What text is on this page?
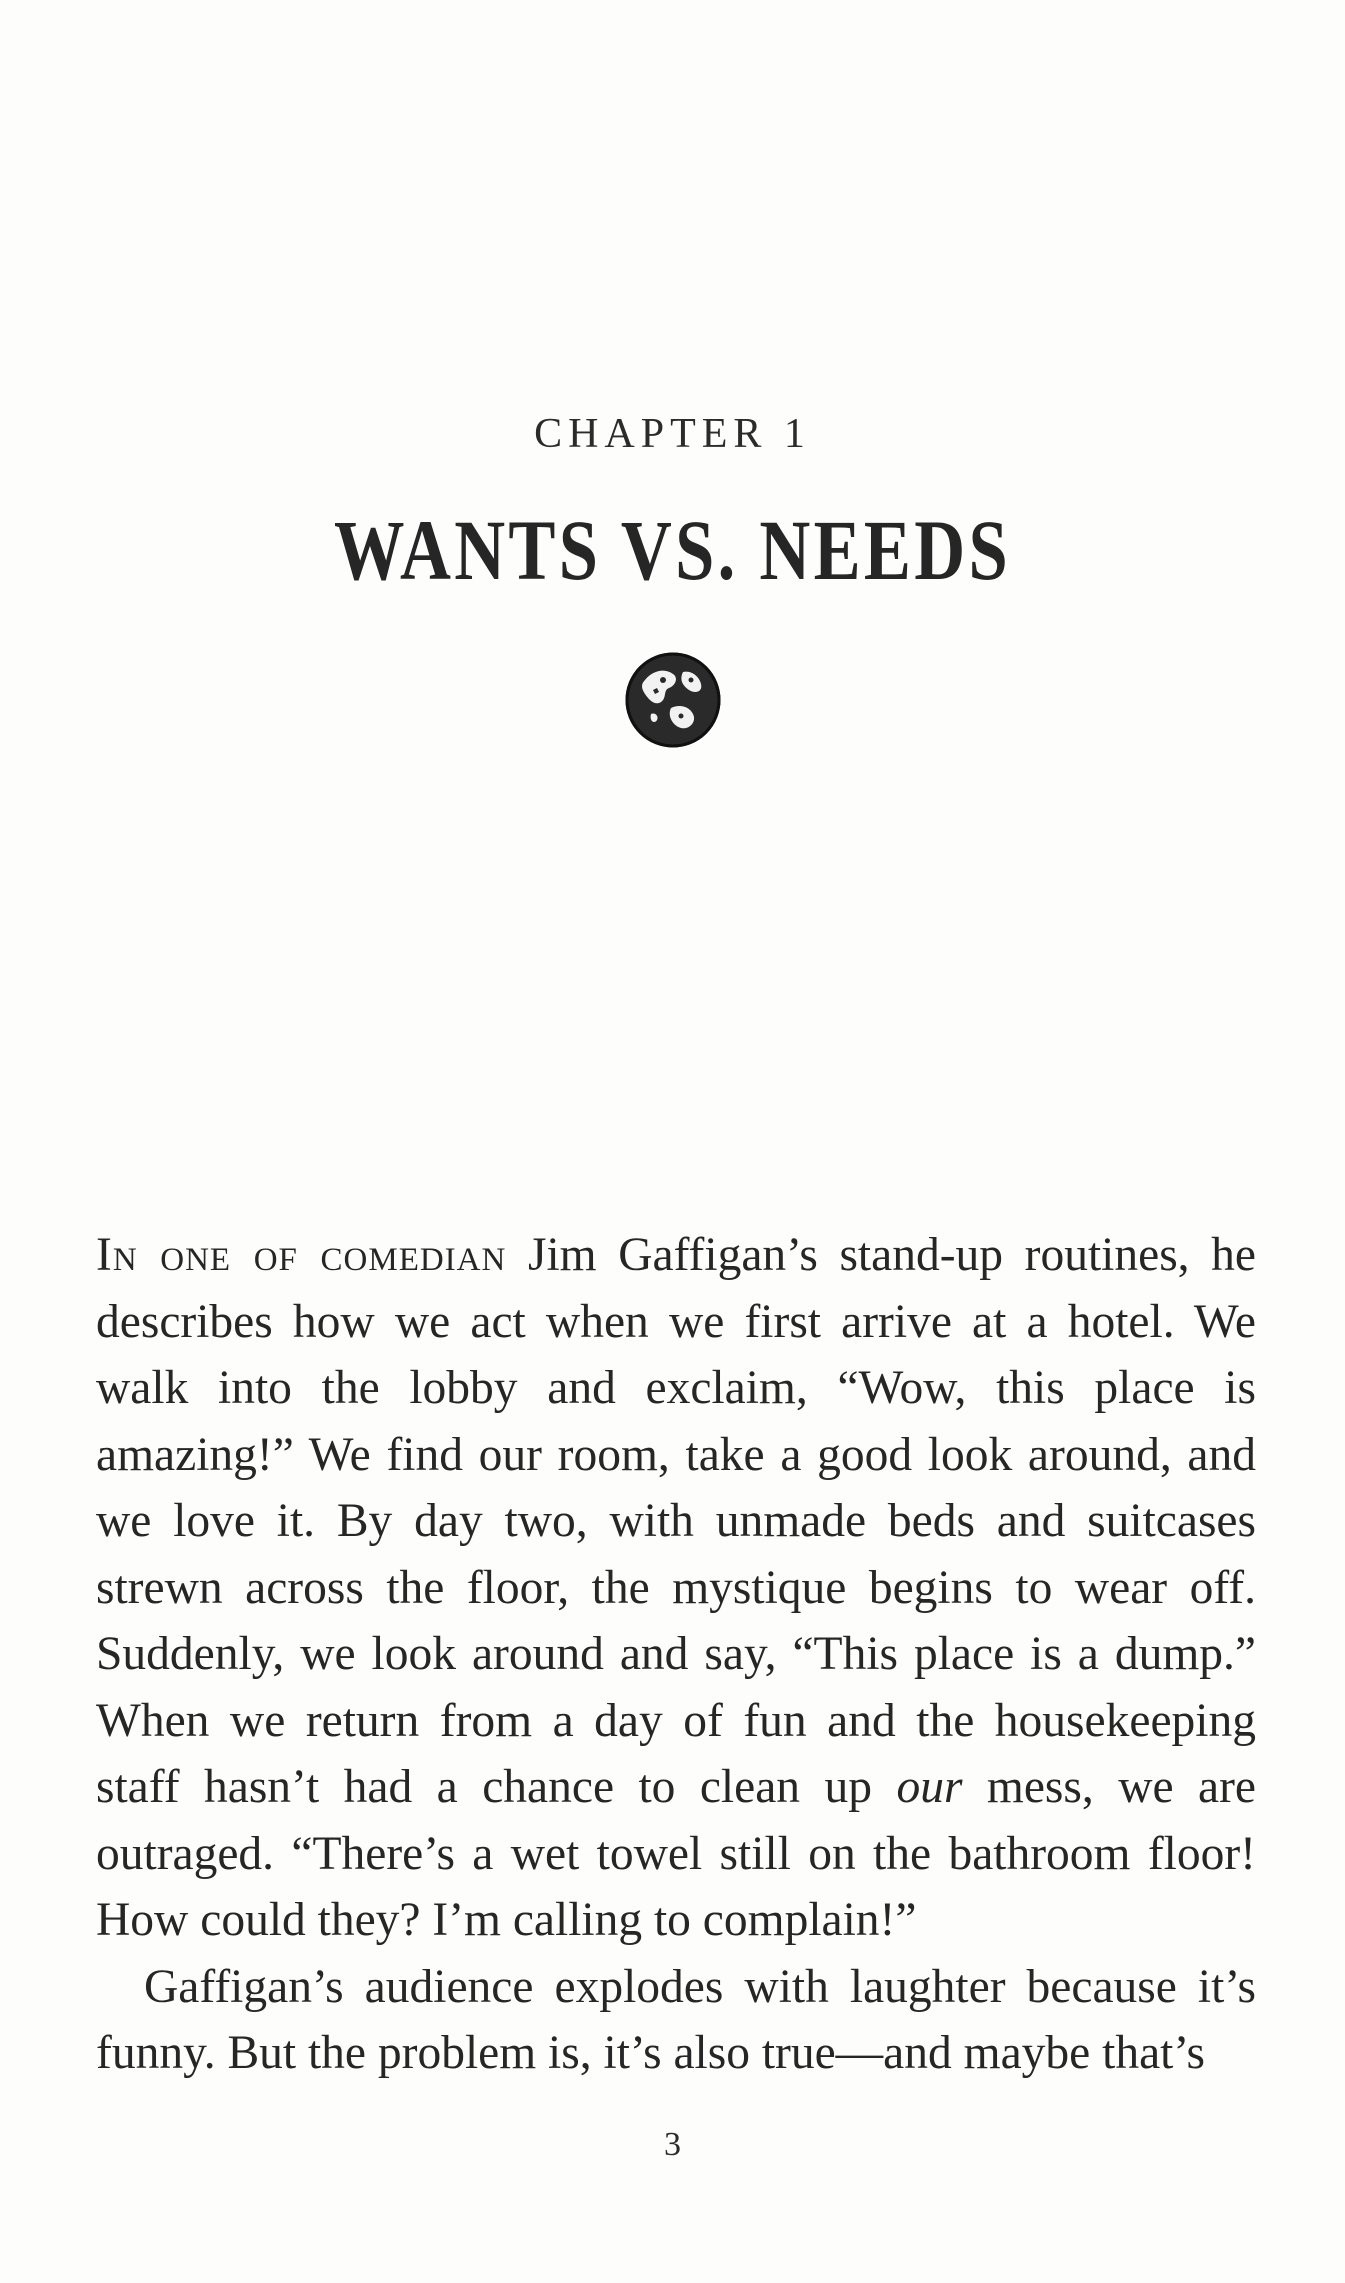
CHAPTER 1
WANTS VS. NEEDS

In one of comedian Jim Gaffigan’s stand-up routines, he describes how we act when we first arrive at a hotel. We walk into the lobby and exclaim, “Wow, this place is amazing!” We find our room, take a good look around, and we love it. By day two, with unmade beds and suitcases strewn across the floor, the mystique begins to wear off. Suddenly, we look around and say, “This place is a dump.” When we return from a day of fun and the housekeeping staff hasn’t had a chance to clean up our mess, we are outraged. “There’s a wet towel still on the bathroom floor! How could they? I’m calling to complain!”

Gaffigan’s audience explodes with laughter because it’s funny. But the problem is, it’s also true—and maybe that’s

3
